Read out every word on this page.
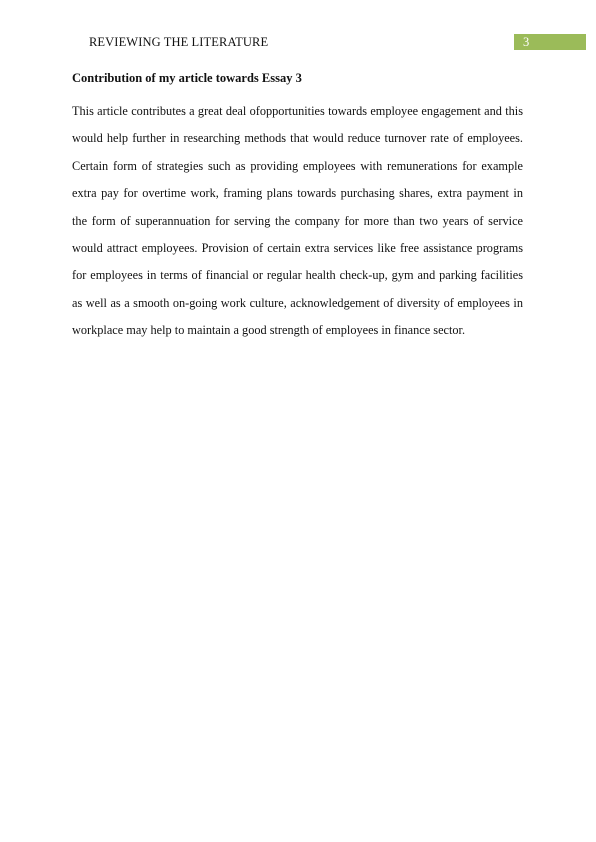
REVIEWING THE LITERATURE	3
Contribution of my article towards Essay 3

This article contributes a great deal ofopportunities towards employee engagement and this would help further in researching methods that would reduce turnover rate of employees. Certain form of strategies such as providing employees with remunerations for example extra pay for overtime work, framing plans towards purchasing shares, extra payment in the form of superannuation for serving the company for more than two years of service would attract employees. Provision of certain extra services like free assistance programs for employees in terms of financial or regular health check-up, gym and parking facilities as well as a smooth on-going work culture, acknowledgement of diversity of employees in workplace may help to maintain a good strength of employees in finance sector.
